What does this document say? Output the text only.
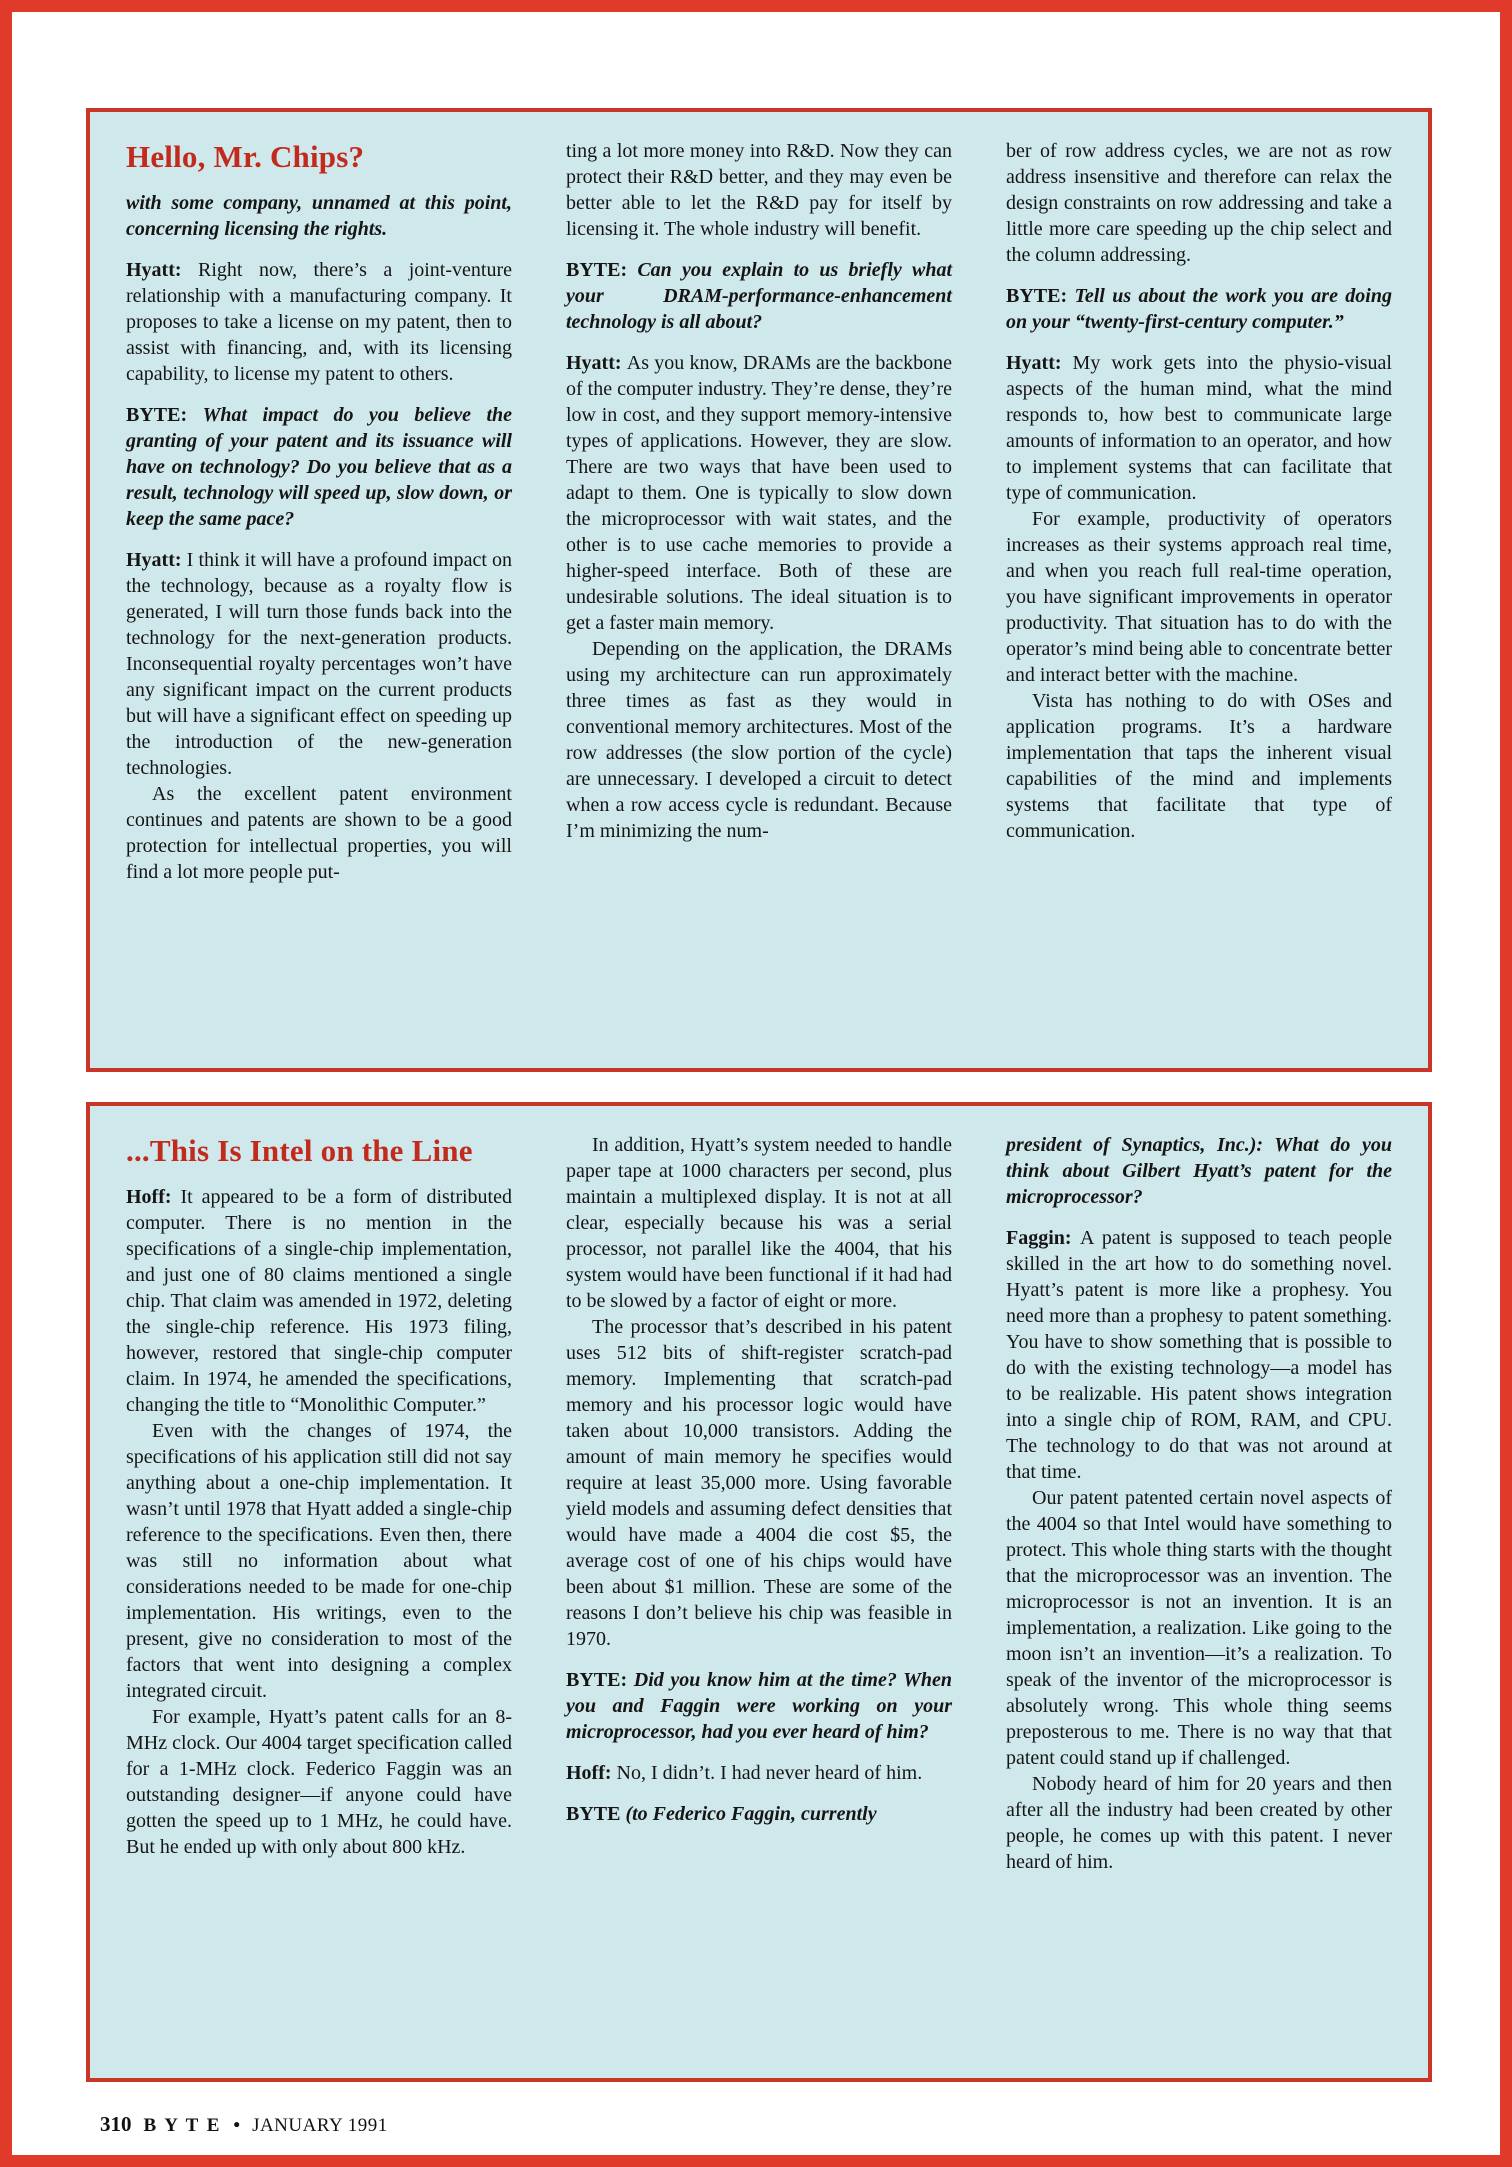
Hello, Mr. Chips?

with some company, unnamed at this point, concerning licensing the rights.

Hyatt: Right now, there’s a joint-venture relationship with a manufacturing company. It proposes to take a license on my patent, then to assist with financing, and, with its licensing capability, to license my patent to others.

BYTE: What impact do you believe the granting of your patent and its issuance will have on technology? Do you believe that as a result, technology will speed up, slow down, or keep the same pace?

Hyatt: I think it will have a profound impact on the technology, because as a royalty flow is generated, I will turn those funds back into the technology for the next-generation products. Inconsequential royalty percentages won’t have any significant impact on the current products but will have a significant effect on speeding up the introduction of the new-generation technologies.

As the excellent patent environment continues and patents are shown to be a good protection for intellectual properties, you will find a lot more people put-

ting a lot more money into R&D. Now they can protect their R&D better, and they may even be better able to let the R&D pay for itself by licensing it. The whole industry will benefit.

BYTE: Can you explain to us briefly what your DRAM-performance-enhancement technology is all about?

Hyatt: As you know, DRAMs are the backbone of the computer industry. They’re dense, they’re low in cost, and they support memory-intensive types of applications. However, they are slow. There are two ways that have been used to adapt to them. One is typically to slow down the microprocessor with wait states, and the other is to use cache memories to provide a higher-speed interface. Both of these are undesirable solutions. The ideal situation is to get a faster main memory.

Depending on the application, the DRAMs using my architecture can run approximately three times as fast as they would in conventional memory architectures. Most of the row addresses (the slow portion of the cycle) are unnecessary. I developed a circuit to detect when a row access cycle is redundant. Because I’m minimizing the num-

ber of row address cycles, we are not as row address insensitive and therefore can relax the design constraints on row addressing and take a little more care speeding up the chip select and the column addressing.

BYTE: Tell us about the work you are doing on your “twenty-first-century computer.”

Hyatt: My work gets into the physio-visual aspects of the human mind, what the mind responds to, how best to communicate large amounts of information to an operator, and how to implement systems that can facilitate that type of communication.

For example, productivity of operators increases as their systems approach real time, and when you reach full real-time operation, you have significant improvements in operator productivity. That situation has to do with the operator’s mind being able to concentrate better and interact better with the machine.

Vista has nothing to do with OSes and application programs. It’s a hardware implementation that taps the inherent visual capabilities of the mind and implements systems that facilitate that type of communication.

...This Is Intel on the Line

Hoff: It appeared to be a form of distributed computer. There is no mention in the specifications of a single-chip implementation, and just one of 80 claims mentioned a single chip. That claim was amended in 1972, deleting the single-chip reference. His 1973 filing, however, restored that single-chip computer claim. In 1974, he amended the specifications, changing the title to “Monolithic Computer.”

Even with the changes of 1974, the specifications of his application still did not say anything about a one-chip implementation. It wasn’t until 1978 that Hyatt added a single-chip reference to the specifications. Even then, there was still no information about what considerations needed to be made for one-chip implementation. His writings, even to the present, give no consideration to most of the factors that went into designing a complex integrated circuit.

For example, Hyatt’s patent calls for an 8-MHz clock. Our 4004 target specification called for a 1-MHz clock. Federico Faggin was an outstanding designer—if anyone could have gotten the speed up to 1 MHz, he could have. But he ended up with only about 800 kHz.

In addition, Hyatt’s system needed to handle paper tape at 1000 characters per second, plus maintain a multiplexed display. It is not at all clear, especially because his was a serial processor, not parallel like the 4004, that his system would have been functional if it had had to be slowed by a factor of eight or more.

The processor that’s described in his patent uses 512 bits of shift-register scratch-pad memory. Implementing that scratch-pad memory and his processor logic would have taken about 10,000 transistors. Adding the amount of main memory he specifies would require at least 35,000 more. Using favorable yield models and assuming defect densities that would have made a 4004 die cost $5, the average cost of one of his chips would have been about $1 million. These are some of the reasons I don’t believe his chip was feasible in 1970.

BYTE: Did you know him at the time? When you and Faggin were working on your microprocessor, had you ever heard of him?

Hoff: No, I didn’t. I had never heard of him.

BYTE (to Federico Faggin, currently

president of Synaptics, Inc.): What do you think about Gilbert Hyatt’s patent for the microprocessor?

Faggin: A patent is supposed to teach people skilled in the art how to do something novel. Hyatt’s patent is more like a prophesy. You need more than a prophesy to patent something. You have to show something that is possible to do with the existing technology—a model has to be realizable. His patent shows integration into a single chip of ROM, RAM, and CPU. The technology to do that was not around at that time.

Our patent patented certain novel aspects of the 4004 so that Intel would have something to protect. This whole thing starts with the thought that the microprocessor was an invention. The microprocessor is not an invention. It is an implementation, a realization. Like going to the moon isn’t an invention—it’s a realization. To speak of the inventor of the microprocessor is absolutely wrong. This whole thing seems preposterous to me. There is no way that that patent could stand up if challenged.

Nobody heard of him for 20 years and then after all the industry had been created by other people, he comes up with this patent. I never heard of him.

310 B Y T E • JANUARY 1991
